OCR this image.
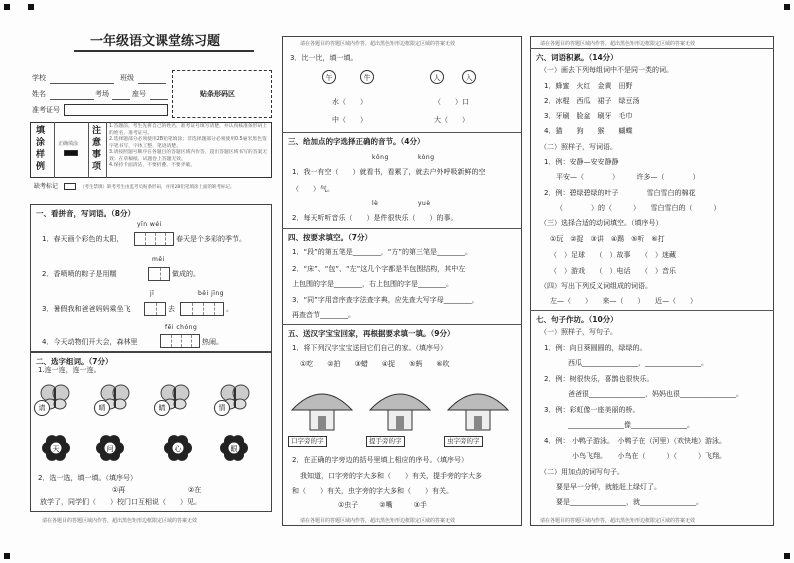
一年级语文课堂练习题
学校	班级
姓名	考场	座号
准考证号
贴条形码区
填涂样例
正确填涂
注意事项
1.答题前，考生先将自己的姓名、准考证号填写清楚，并认真核准条形码上的姓名、准考证号。
2.选择题部分必须使用2B铅笔填涂；非选择题部分必须使用0.5毫米黑色签字笔书写，字体工整、笔迹清楚。
3.请按照题号顺序在各题目的答题区域内作答，超出答题区域书写的答案无效；在草稿纸、试题卷上答题无效。
4.保持卡面清洁，不要折叠、不要弄破。
缺考标记	（考生禁填）缺考考生由监考员贴条形码，并用2B铅笔填涂上面的缺考标记。
一、看拼音，写词语。（8分）
yīn wéi
1．春天画个彩色的太阳，	春天是个多彩的季节。
měi
2．香喷喷的粽子是用糯	做成的。
jī	běi jīng
3．暑假我和爸爸妈妈乘坐飞	去	。
fēi chóng
4．今天动物们开大会，森林里	热闹。
二、选字组词。（7分）
1.连一连，连一连。
请	晴	睛	情
天	问	心	眼
2．选一选，填一填。（填序号）
①再	②在
放学了，同学们（　　 ）校门口互相说（　　 ）见。
请在各题目的答题区域内作答，超出黑色矩形边框限定区域的答案无效
请在各题目的答题区域内作答，超出黑色矩形边框限定区域的答案无效
3．比一比，填一填。
午	牛	人	入
水（　　）	（　　）口
中（　　）	大（　　）
三、给加点的字选择正确的音节。（4分）
kōng	kòng
1．我一有空（　　）就看书，看累了，就去户外呼吸新鲜的空
（　　）气。
lè	yuè
2．每天听听音乐（　　）是件很快乐（　　）的事。
四、按要求填空。（7分）
1．“段”的第五笔是________，“方”的第三笔是________。
2．“床”、“包”、“左”这几个字都是半包围结构，其中左
上包围的字是________，右上包围的字是________。
3．“同”字用音序查字法查字典，应先查大写字母________，
再查音节________。
五、送汉字宝宝回家，再根据要求填一填。（9分）
1．将下列汉字宝宝送回它们自己的家。（填序号）
①吃　　 ②拍　　 ③蜡　　 ④捉　　 ⑤蚂　　 ⑥吹
口字旁的字	提手旁的字	虫字旁的字
2．在正确的字旁边的括号里填上相应的序号。（填序号）
我知道，口字旁的字大多和（　　）有关，提手旁的字大多
和（　　）有关，虫字旁的字大多和（　　）有关。
①虫子　　　	②嘴　　　	③手
请在各题目的答题区域内作答，超出黑色矩形边框限定区域的答案无效
请在各题目的答题区域内作答，超出黑色矩形边框限定区域的答案无效
六、词语积累。（14分）
（一）画去下列每组词中不是同一类的词。
1．蜂蜜　火红　金黄　田野
2．冰棍　西瓜　裙子　绿豆汤
3．牙刷　脸盆　刷牙　毛巾
4．猫　　狗　　猴　　蝴蝶
（二）照样子，写词语。
1．例：安静—安安静静
平安—（　　　　）　　　许多—（　　　　）
2．例：碧绿碧绿的叶子　　　　雪白雪白的棉花
（　　　　）的（　　　）　　雪白雪白的（　　　）
（三）选择合适的动词填空。（填序号）
①玩　②捉　③讲　④踢　⑤听　⑥打
（　）足球　　（　）故事　　（　）迷藏
（　）游戏　　（　）电话　　（　）音乐
（四）写出下列反义词组成的词语。
左—（　　）　　来—（　　）　　近—（　　）
七、句子作坊。（10分）
（一）照样子，写句子。
1．例：向日葵圆圆的，绿绿的。
西瓜________________，________________。
2．例：树很快乐，喜鹊也很快乐。
爸爸很________________，妈妈也很________________。
3．例：彩虹像一座美丽的桥。
________________像________________。
4．例： 小鸭子游泳。　小鸭子在（河里）（欢快地）游泳。
小鸟飞翔。　　小鸟在（　　　）（　　　）飞翔。
（二）用加点的词写句子。
要是早一分钟，就能赶上绿灯了。
要是________________，就________________。
请在各题目的答题区域内作答，超出黑色矩形边框限定区域的答案无效
